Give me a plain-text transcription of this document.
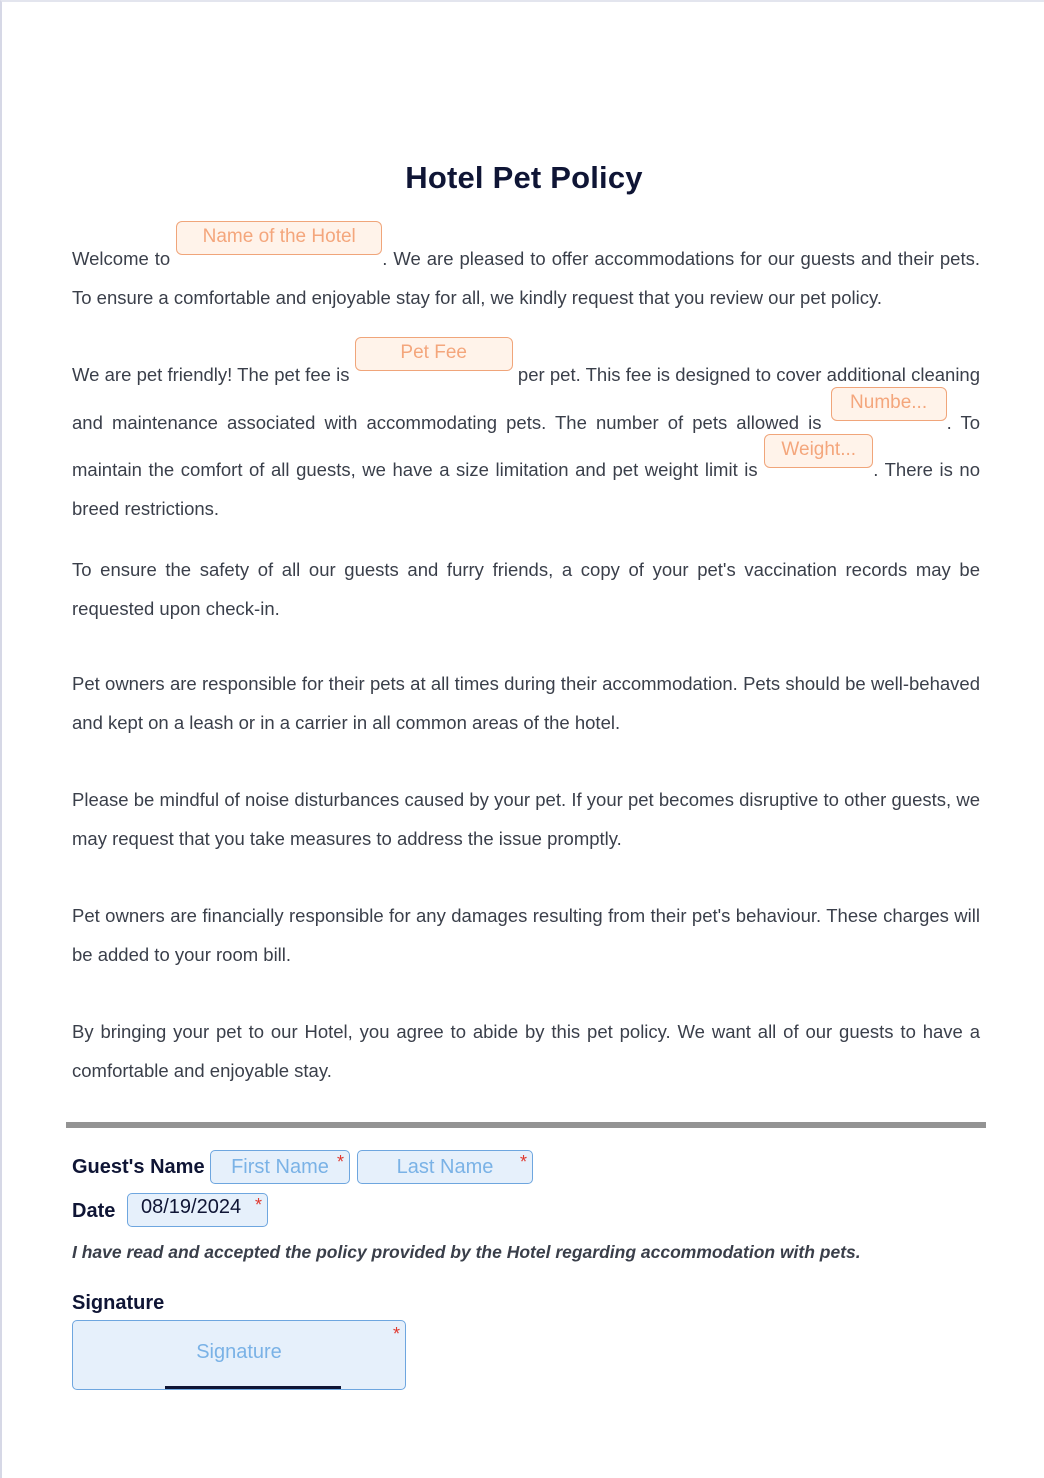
Hotel Pet Policy

Welcome to Name of the Hotel. We are pleased to offer accommodations for our guests and their pets. To ensure a comfortable and enjoyable stay for all, we kindly request that you review our pet policy.

We are pet friendly! The pet fee is Pet Fee per pet. This fee is designed to cover additional cleaning and maintenance associated with accommodating pets. The number of pets allowed is Numbe.... To maintain the comfort of all guests, we have a size limitation and pet weight limit is Weight.... There is no breed restrictions.

To ensure the safety of all our guests and furry friends, a copy of your pet's vaccination records may be requested upon check-in.

Pet owners are responsible for their pets at all times during their accommodation. Pets should be well-behaved and kept on a leash or in a carrier in all common areas of the hotel.

Please be mindful of noise disturbances caused by your pet. If your pet becomes disruptive to other guests, we may request that you take measures to address the issue promptly.

Pet owners are financially responsible for any damages resulting from their pet's behaviour. These charges will be added to your room bill.

By bringing your pet to our Hotel, you agree to abide by this pet policy. We want all of our guests to have a comfortable and enjoyable stay.

Guest's Name	First Name *	Last Name	*
Date	08/19/2024 *
I have read and accepted the policy provided by the Hotel regarding accommodation with pets.
Signature
Signature
*
